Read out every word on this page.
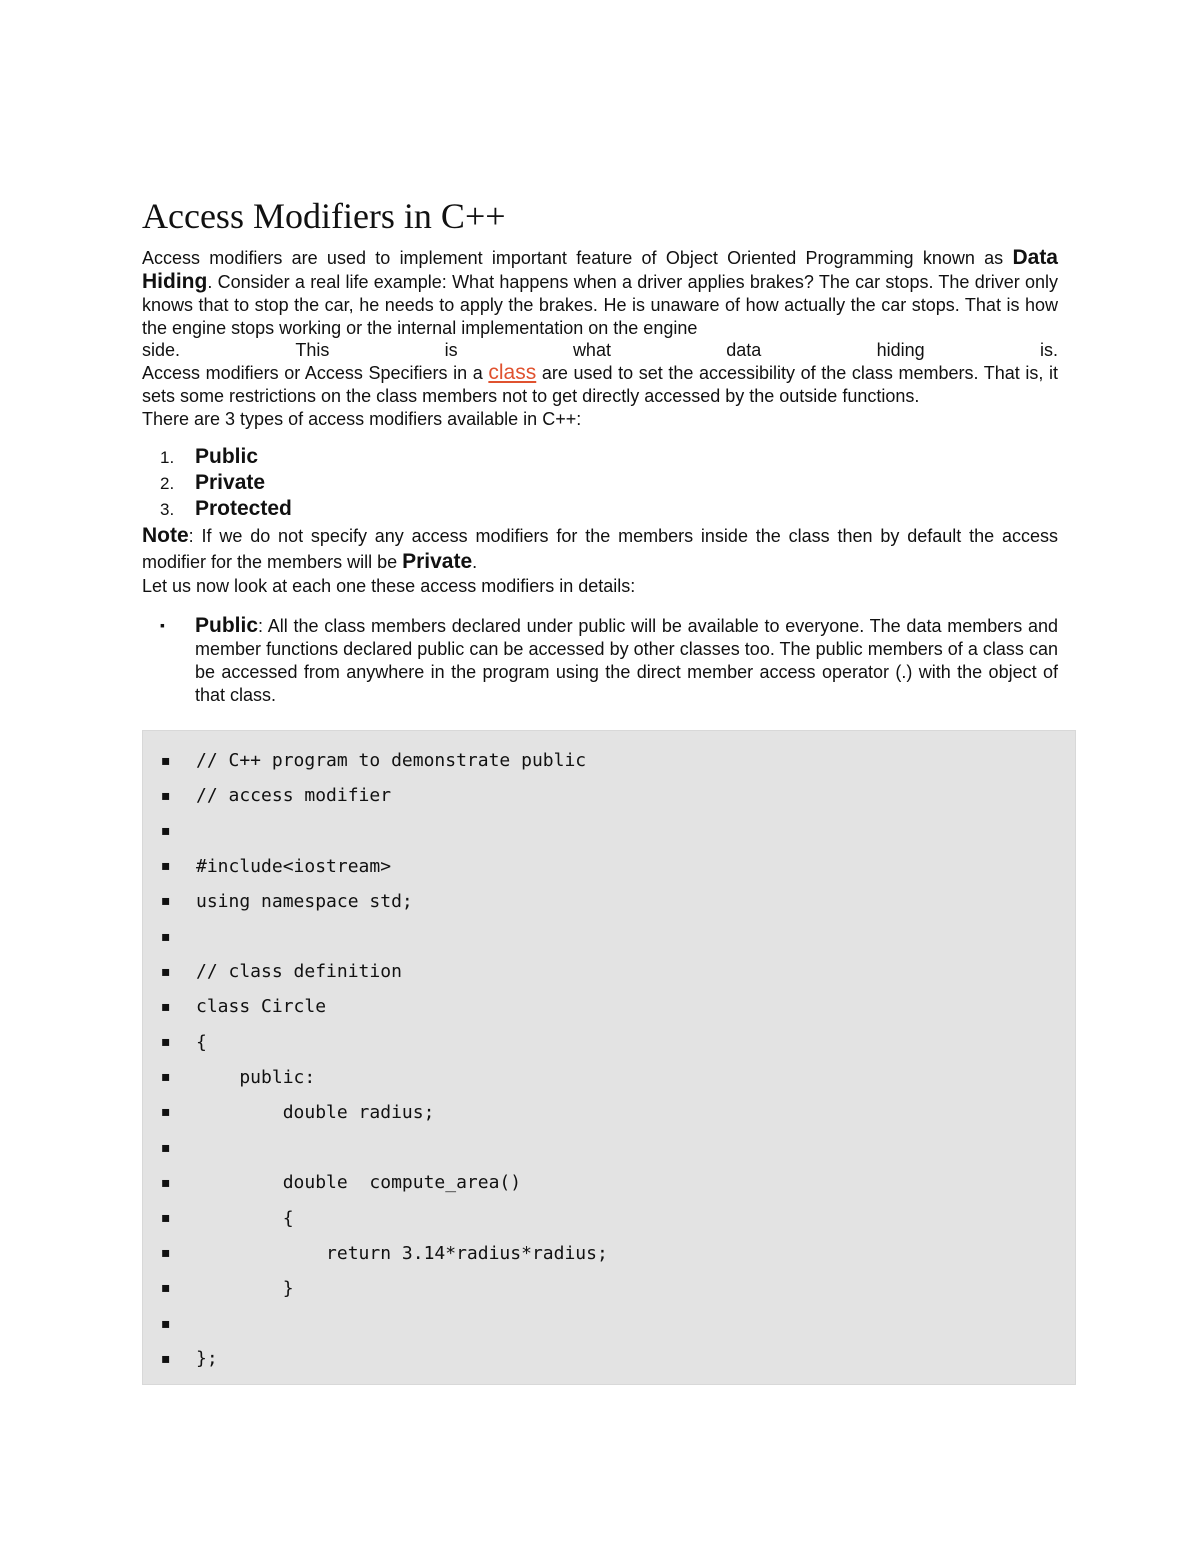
Access Modifiers in C++

Access modifiers are used to implement important feature of Object Oriented Programming known as Data Hiding. Consider a real life example: What happens when a driver applies brakes? The car stops. The driver only knows that to stop the car, he needs to apply the brakes. He is unaware of how actually the car stops. That is how the engine stops working or the internal implementation on the engine

side.	This	is	what	data	hiding	is.

Access modifiers or Access Specifiers in a class are used to set the accessibility of the class members. That is, it sets some restrictions on the class members not to get directly accessed by the outside functions.

There are 3 types of access modifiers available in C++:

1. Public
2. Private
3. Protected

Note: If we do not specify any access modifiers for the members inside the class then by default the access modifier for the members will be Private.

Let us now look at each one these access modifiers in details:

▪	Public: All the class members declared under public will be available to everyone. The data members and member functions declared public can be accessed by other classes too. The public members of a class can be accessed from anywhere in the program using the direct member access operator (.) with the object of that class.
▪	// C++ program to demonstrate public
▪	// access modifier
▪
▪	#include<iostream>
▪	using namespace std;
▪
▪	// class definition
▪	class Circle
▪	{
▪	public:
▪	double radius;
▪
▪	double  compute_area()
▪	{
▪	return 3.14*radius*radius;
▪	}
▪
▪	};
